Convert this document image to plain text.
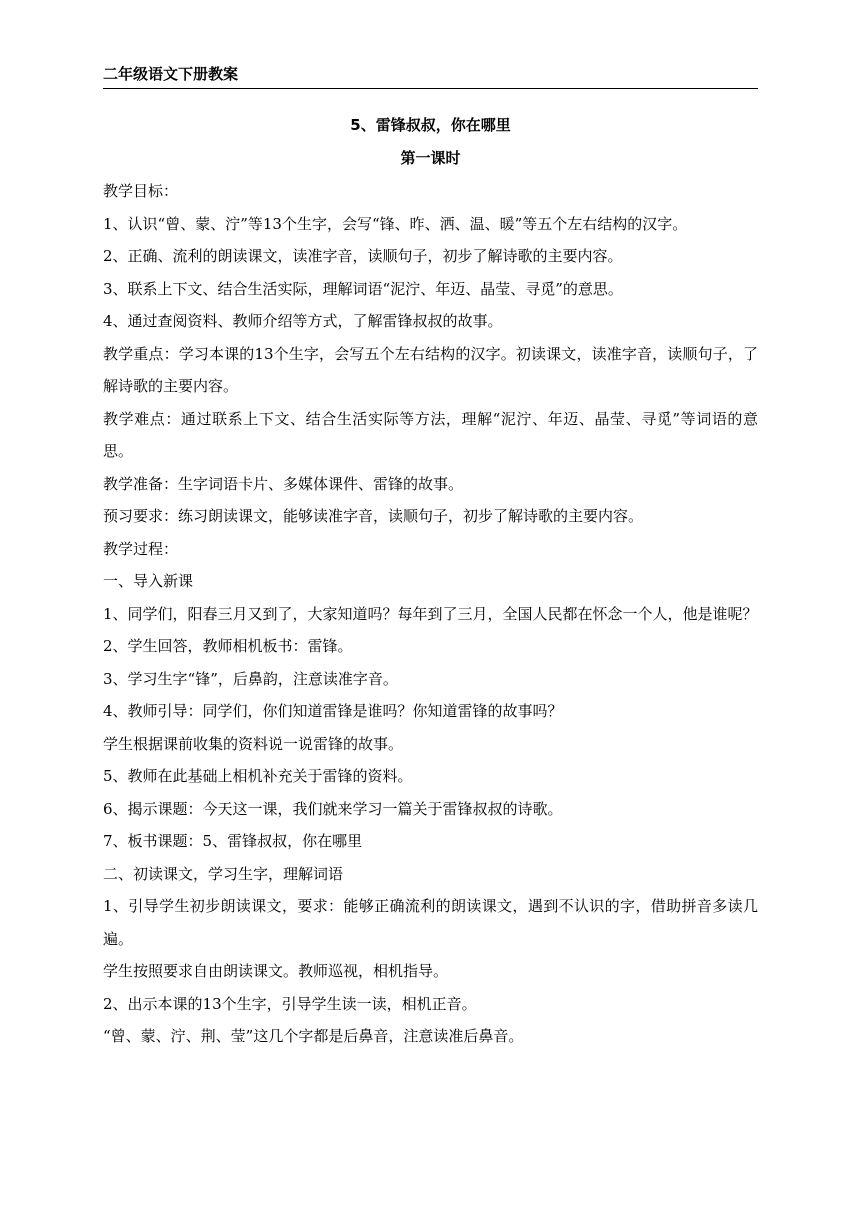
二年级语文下册教案
5、雷锋叔叔，你在哪里
第一课时

教学目标：

1、认识“曾、蒙、泞”等13个生字，会写“锋、昨、洒、温、暖”等五个左右结构的汉字。

2、正确、流利的朗读课文，读准字音，读顺句子，初步了解诗歌的主要内容。

3、联系上下文、结合生活实际，理解词语“泥泞、年迈、晶莹、寻觅”的意思。

4、通过查阅资料、教师介绍等方式，了解雷锋叔叔的故事。

教学重点：学习本课的13个生字，会写五个左右结构的汉字。初读课文，读准字音，读顺句子，了解诗歌的主要内容。

教学难点：通过联系上下文、结合生活实际等方法，理解“泥泞、年迈、晶莹、寻觅”等词语的意思。

教学准备：生字词语卡片、多媒体课件、雷锋的故事。

预习要求：练习朗读课文，能够读准字音，读顺句子，初步了解诗歌的主要内容。

教学过程：

一、导入新课

1、同学们，阳春三月又到了，大家知道吗？每年到了三月，全国人民都在怀念一个人，他是谁呢？

2、学生回答，教师相机板书：雷锋。

3、学习生字“锋”，后鼻韵，注意读准字音。

4、教师引导：同学们，你们知道雷锋是谁吗？你知道雷锋的故事吗？

学生根据课前收集的资料说一说雷锋的故事。

5、教师在此基础上相机补充关于雷锋的资料。

6、揭示课题：今天这一课，我们就来学习一篇关于雷锋叔叔的诗歌。

7、板书课题：5、雷锋叔叔，你在哪里

二、初读课文，学习生字，理解词语

1、引导学生初步朗读课文，要求：能够正确流利的朗读课文，遇到不认识的字，借助拼音多读几遍。

学生按照要求自由朗读课文。教师巡视，相机指导。

2、出示本课的13个生字，引导学生读一读，相机正音。

“曾、蒙、泞、荆、莹”这几个字都是后鼻音，注意读准后鼻音。
